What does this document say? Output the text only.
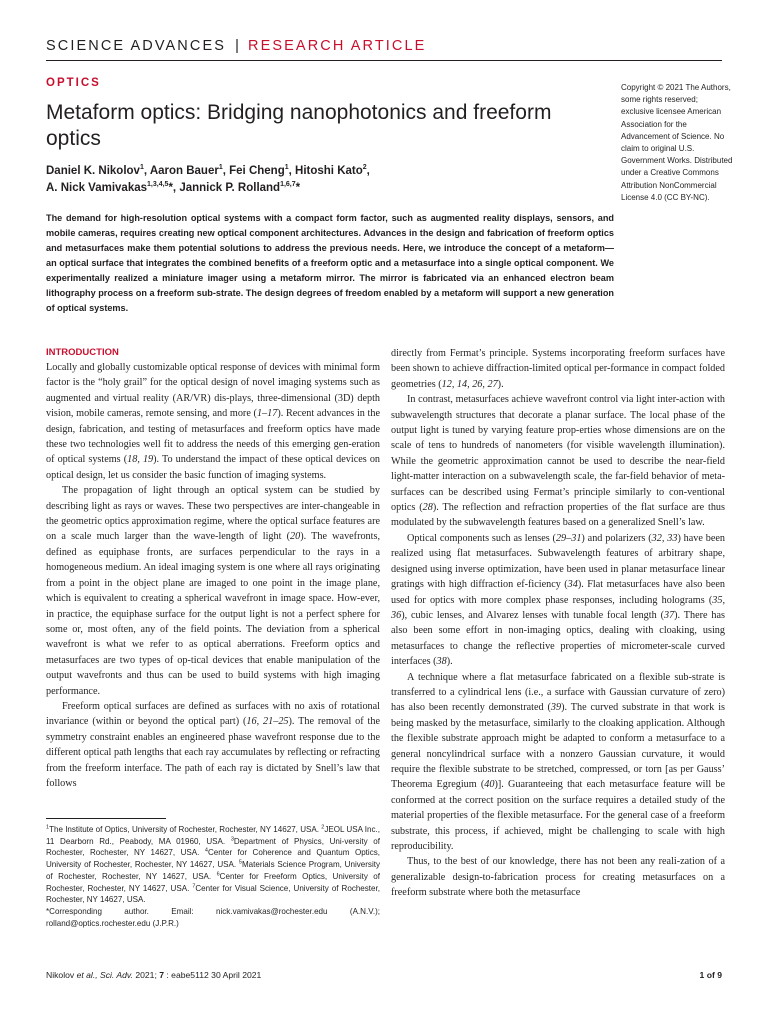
SCIENCE ADVANCES | RESEARCH ARTICLE
OPTICS
Metaform optics: Bridging nanophotonics and freeform optics
Daniel K. Nikolov$^1$, Aaron Bauer$^1$, Fei Cheng$^1$, Hitoshi Kato$^2$,
A. Nick Vamivakas$^{1,3,4,5}$*, Jannick P. Rolland$^{1,6,7}$*
Copyright © 2021 The Authors, some rights reserved; exclusive licensee American Association for the Advancement of Science. No claim to original U.S. Government Works. Distributed under a Creative Commons Attribution NonCommercial License 4.0 (CC BY-NC).
The demand for high-resolution optical systems with a compact form factor, such as augmented reality displays, sensors, and mobile cameras, requires creating new optical component architectures. Advances in the design and fabrication of freeform optics and metasurfaces make them potential solutions to address the previous needs. Here, we introduce the concept of a metaform—an optical surface that integrates the combined benefits of a freeform optic and a metasurface into a single optical component. We experimentally realized a miniature imager using a metaform mirror. The mirror is fabricated via an enhanced electron beam lithography process on a freeform sub-strate. The design degrees of freedom enabled by a metaform will support a new generation of optical systems.
INTRODUCTION

Locally and globally customizable optical response of devices with minimal form factor is the “holy grail” for the optical design of novel imaging systems such as augmented and virtual reality (AR/VR) dis-plays, three-dimensional (3D) depth vision, mobile cameras, remote sensing, and more (1–17). Recent advances in the design, fabrication, and testing of metasurfaces and freeform optics have made these two technologies well fit to address the needs of this emerging gen-eration of optical systems (18, 19). To understand the impact of these optical devices on optical design, let us consider the basic function of imaging systems.

The propagation of light through an optical system can be studied by describing light as rays or waves. These two perspectives are inter-changeable in the geometric optics approximation regime, where the optical surface features are on a scale much larger than the wave-length of light (20). The wavefronts, defined as equiphase fronts, are surfaces perpendicular to the rays in a homogeneous medium. An ideal imaging system is one where all rays originating from a point in the object plane are imaged to one point in the image plane, which is equivalent to creating a spherical wavefront in image space. How-ever, in practice, the equiphase surface for the output light is not a perfect sphere for some or, most often, any of the field points. The deviation from a spherical wavefront is what we refer to as optical aberrations. Freeform optics and metasurfaces are two types of op-tical devices that enable manipulation of the output wavefronts and thus can be used to build systems with high imaging performance.

Freeform optical surfaces are defined as surfaces with no axis of rotational invariance (within or beyond the optical part) (16, 21–25). The removal of the symmetry constraint enables an engineered phase wavefront response due to the different optical path lengths that each ray accumulates by reflecting or refracting from the freeform interface. The path of each ray is dictated by Snell’s law that follows

directly from Fermat’s principle. Systems incorporating freeform surfaces have been shown to achieve diffraction-limited optical per-formance in compact folded geometries (12, 14, 26, 27).

In contrast, metasurfaces achieve wavefront control via light inter-action with subwavelength structures that decorate a planar surface. The local phase of the output light is tuned by varying feature prop-erties whose dimensions are on the scale of tens to hundreds of nanometers (for visible wavelength illumination). While the geometric approximation cannot be used to describe the near-field light-matter interaction on a subwavelength scale, the far-field behavior of meta-surfaces can be described using Fermat’s principle similarly to con-ventional optics (28). The reflection and refraction properties of the flat surface are thus modulated by the subwavelength features based on a generalized Snell’s law.

Optical components such as lenses (29–31) and polarizers (32, 33) have been realized using flat metasurfaces. Subwavelength features of arbitrary shape, designed using inverse optimization, have been used in planar metasurface linear gratings with high diffraction ef-ficiency (34). Flat metasurfaces have also been used for optics with more complex phase responses, including holograms (35, 36), cubic lenses, and Alvarez lenses with tunable focal length (37). There has also been some effort in non-imaging optics, dealing with cloaking, using metasurfaces to change the reflective properties of micrometer-scale curved interfaces (38).

A technique where a flat metasurface fabricated on a flexible sub-strate is transferred to a cylindrical lens (i.e., a surface with Gaussian curvature of zero) has also been recently demonstrated (39). The curved substrate in that work is being masked by the metasurface, similarly to the cloaking application. Although the flexible substrate approach might be adapted to conform a metasurface to a general noncylindrical surface with a nonzero Gaussian curvature, it would require the flexible substrate to be stretched, compressed, or torn [as per Gauss’ Theorema Egregium (40)]. Guaranteeing that each metasurface feature will be conformed at the correct position on the surface requires a detailed study of the material properties of the flexible metasurface. For the general case of a freeform substrate, this process, if achieved, might be challenging to scale with high reproducibility.

Thus, to the best of our knowledge, there has not been any reali-zation of a generalizable design-to-fabrication process for creating metasurfaces on a freeform substrate where both the metasurface

$^1$The Institute of Optics, University of Rochester, Rochester, NY 14627, USA. $^2$JEOL USA Inc., 11 Dearborn Rd., Peabody, MA 01960, USA. $^3$Department of Physics, Uni-versity of Rochester, Rochester, NY 14627, USA. $^4$Center for Coherence and Quantum Optics, University of Rochester, Rochester, NY 14627, USA. $^5$Materials Science Program, University of Rochester, Rochester, NY 14627, USA. $^6$Center for Freeform Optics, University of Rochester, Rochester, NY 14627, USA. $^7$Center for Visual Science, University of Rochester, Rochester, NY 14627, USA.

*Corresponding author. Email: nick.vamivakas@rochester.edu (A.N.V.); rolland@optics.rochester.edu (J.P.R.)

Nikolov et al., Sci. Adv. 2021; 7 : eabe5112 30 April 2021	1 of 9
